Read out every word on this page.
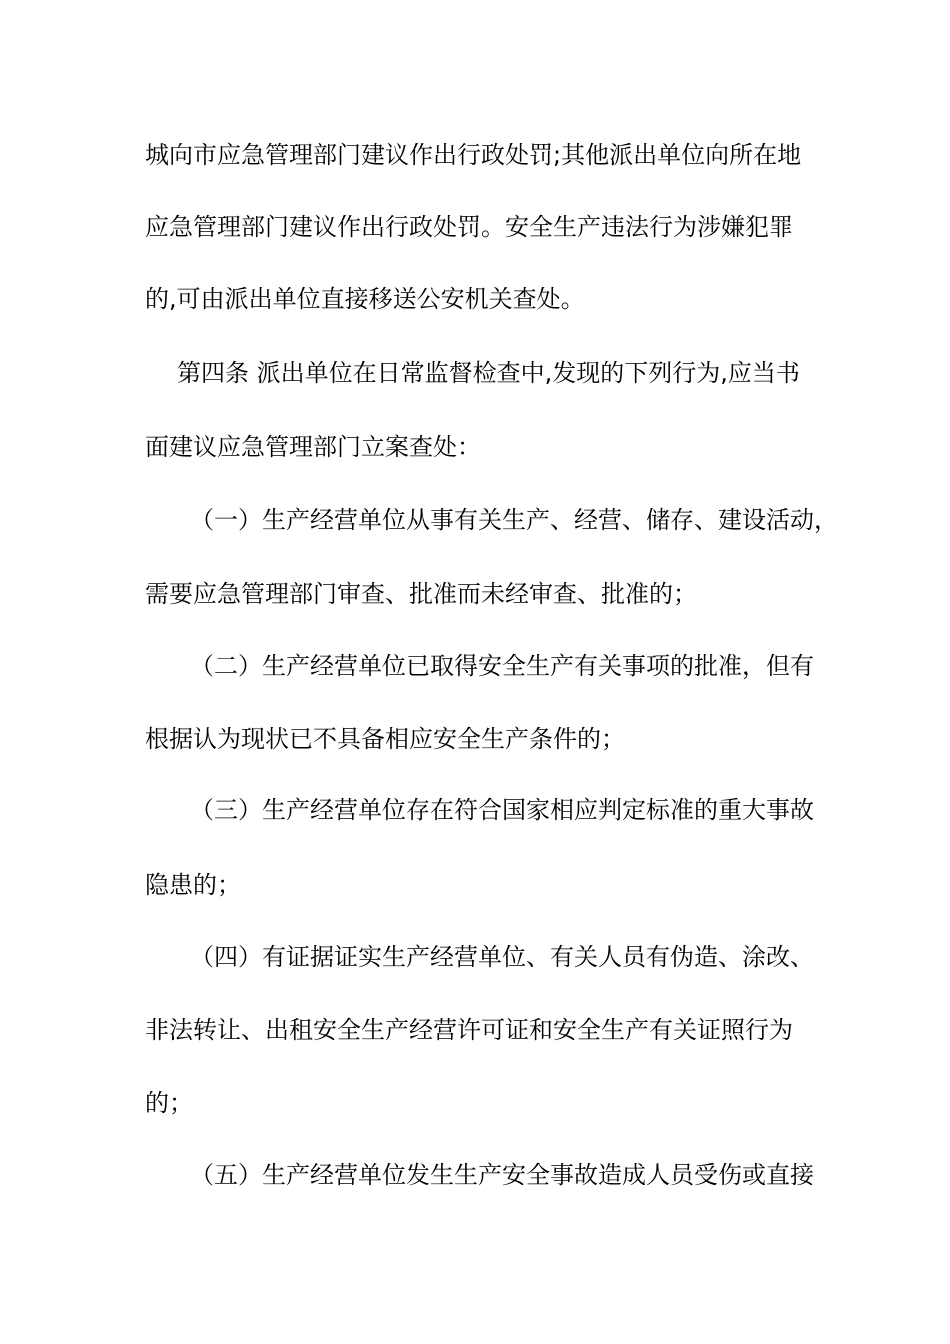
城向市应急管理部门建议作出行政处罚;其他派出单位向所在地
应急管理部门建议作出行政处罚。安全生产违法行为涉嫌犯罪
的,可由派出单位直接移送公安机关查处。
第四条 派出单位在日常监督检查中,发现的下列行为,应当书
面建议应急管理部门立案查处：
（一）生产经营单位从事有关生产、经营、储存、建设活动，
需要应急管理部门审查、批准而未经审查、批准的；
（二）生产经营单位已取得安全生产有关事项的批准，但有
根据认为现状已不具备相应安全生产条件的；
（三）生产经营单位存在符合国家相应判定标准的重大事故
隐患的；
（四）有证据证实生产经营单位、有关人员有伪造、涂改、
非法转让、出租安全生产经营许可证和安全生产有关证照行为
的；
（五）生产经营单位发生生产安全事故造成人员受伤或直接
